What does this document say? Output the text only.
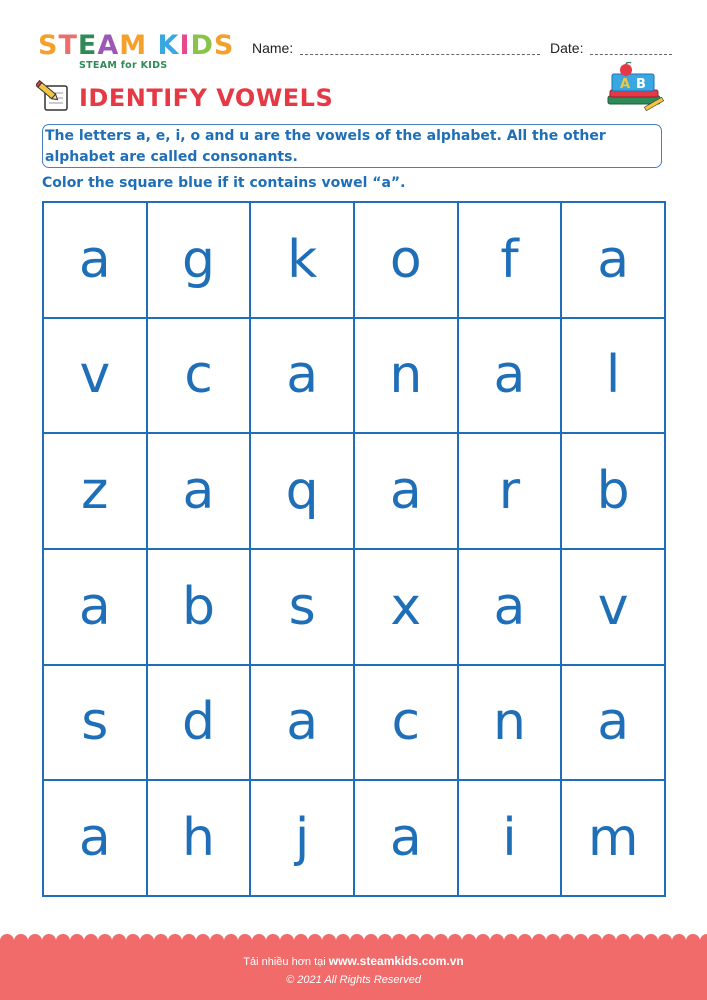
STEAM KIDS
STEAM for KIDS
Name:	Date:
IDENTIFY VOWELS	A B
The letters a, e, i, o and u are the vowels of the alphabet. All the other
alphabet are called consonants.
Color the square blue if it contains vowel “a”.
a	g	k	o	f	a
v	c	a	n	a	l
z	a	q	a	r	b
a	b	s	x	a	v
s	d	a	c	n	a
a	h	j	a	i	m
Tải nhiều hơn tại www.steamkids.com.vn
© 2021 All Rights Reserved
